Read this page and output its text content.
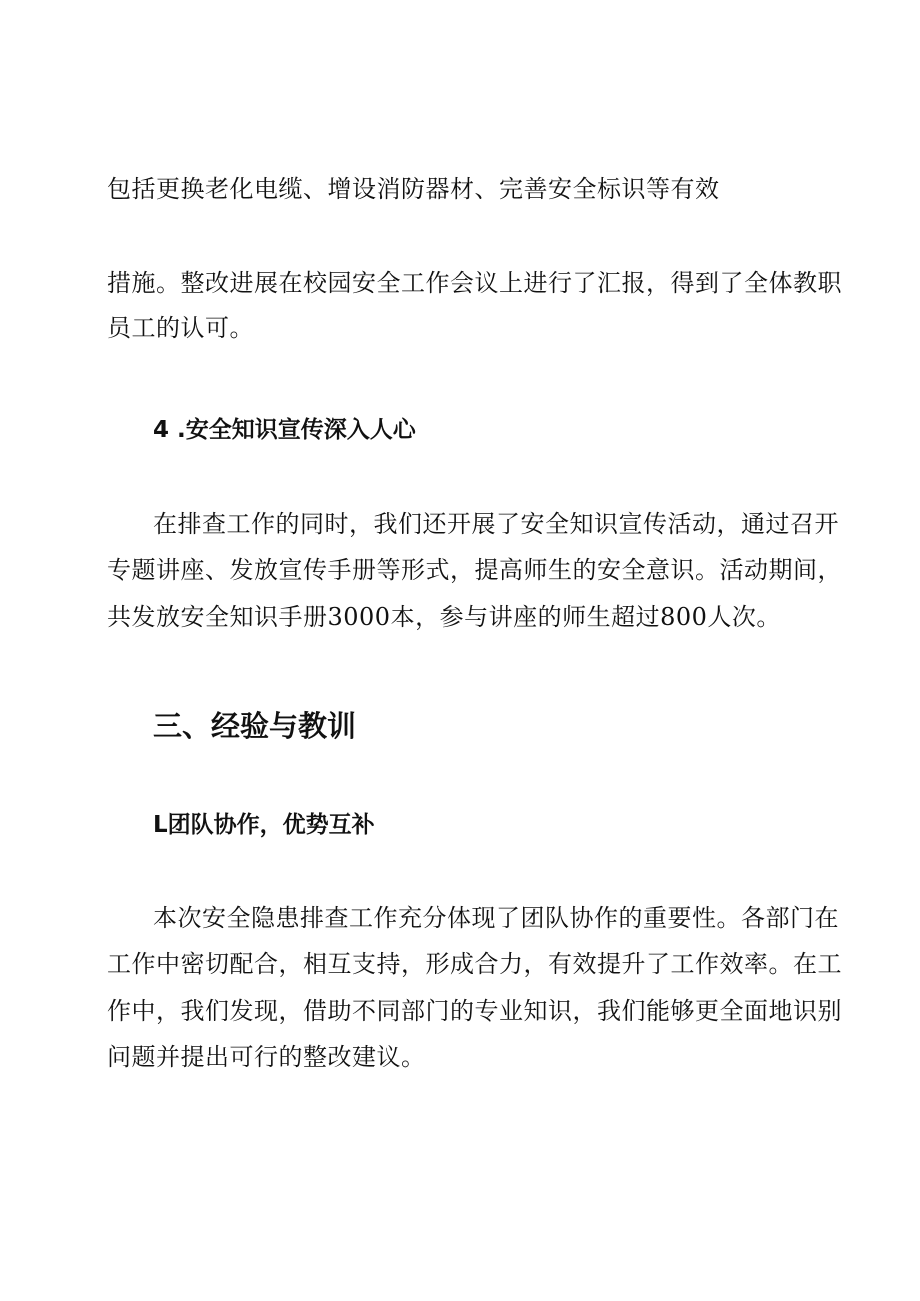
包括更换老化电缆、增设消防器材、完善安全标识等有效

措施。整改进展在校园安全工作会议上进行了汇报，得到了全体教职

员工的认可。

4 .安全知识宣传深入人心

在排查工作的同时，我们还开展了安全知识宣传活动，通过召开

专题讲座、发放宣传手册等形式，提高师生的安全意识。活动期间，

共发放安全知识手册3000本，参与讲座的师生超过800人次。

三、经验与教训
L团队协作，优势互补

本次安全隐患排查工作充分体现了团队协作的重要性。各部门在

工作中密切配合，相互支持，形成合力，有效提升了工作效率。在工

作中，我们发现，借助不同部门的专业知识，我们能够更全面地识别

问题并提出可行的整改建议。
